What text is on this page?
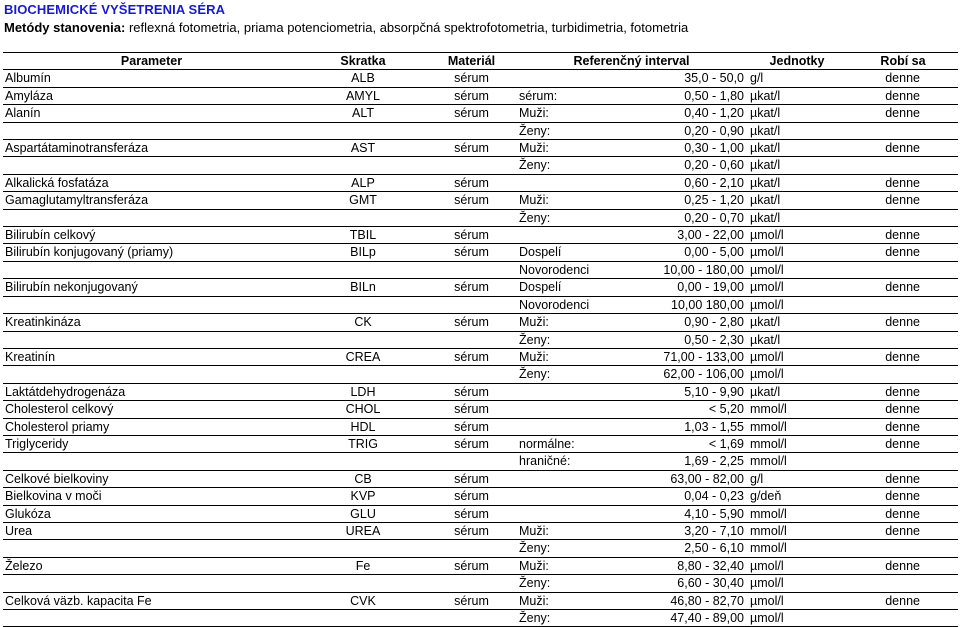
BIOCHEMICKÉ VYŠETRENIA SÉRA
Metódy stanovenia: reflexná fotometria, priama potenciometria, absorpčná spektrofotometria, turbidimetria, fotometria
Parameter	Skratka	Materiál	Referenčný interval		Jednotky	Robí sa
Albumín	ALB	sérum		35,0 - 50,0	g/l	denne
Amyláza	AMYL	sérum	sérum:	0,50 - 1,80	µkat/l	denne
Alanín	ALT	sérum	Muži:	0,40 - 1,20	µkat/l	denne
			Ženy:	0,20 - 0,90	µkat/l	
Aspartátaminotransferáza	AST	sérum	Muži:	0,30 - 1,00	µkat/l	denne
			Ženy:	0,20 - 0,60	µkat/l	
Alkalická fosfatáza	ALP	sérum		0,60 - 2,10	µkat/l	denne
Gamaglutamyltransferáza	GMT	sérum	Muži:	0,25 - 1,20	µkat/l	denne
			Ženy:	0,20 - 0,70	µkat/l	
Bilirubín celkový	TBIL	sérum		3,00 - 22,00	µmol/l	denne
Bilirubín konjugovaný (priamy)	BILp	sérum	Dospelí	0,00 - 5,00	µmol/l	denne
			Novorodenci	10,00 - 180,00	µmol/l	
Bilirubín nekonjugovaný	BILn	sérum	Dospelí	0,00 - 19,00	µmol/l	denne
			Novorodenci	10,00 180,00	µmol/l	
Kreatinkináza	CK	sérum	Muži:	0,90 - 2,80	µkat/l	denne
			Ženy:	0,50 - 2,30	µkat/l	
Kreatinín	CREA	sérum	Muži:	71,00 - 133,00	µmol/l	denne
			Ženy:	62,00 - 106,00	µmol/l	
Laktátdehydrogenáza	LDH	sérum		5,10 - 9,90	µkat/l	denne
Cholesterol celkový	CHOL	sérum		< 5,20	mmol/l	denne
Cholesterol priamy	HDL	sérum		1,03 - 1,55	mmol/l	denne
Triglyceridy	TRIG	sérum	normálne:	< 1,69	mmol/l	denne
			hraničné:	1,69 - 2,25	mmol/l	
Celkové bielkoviny	CB	sérum		63,00 - 82,00	g/l	denne
Bielkovina v moči	KVP	sérum		0,04 - 0,23	g/deň	denne
Glukóza	GLU	sérum		4,10 - 5,90	mmol/l	denne
Urea	UREA	sérum	Muži:	3,20 - 7,10	mmol/l	denne
			Ženy:	2,50 - 6,10	mmol/l	
Železo	Fe	sérum	Muži:	8,80 - 32,40	µmol/l	denne
			Ženy:	6,60 - 30,40	µmol/l	
Celková väzb. kapacita Fe	CVK	sérum	Muži:	46,80 - 82,70	µmol/l	denne
			Ženy:	47,40 - 89,00	µmol/l	
